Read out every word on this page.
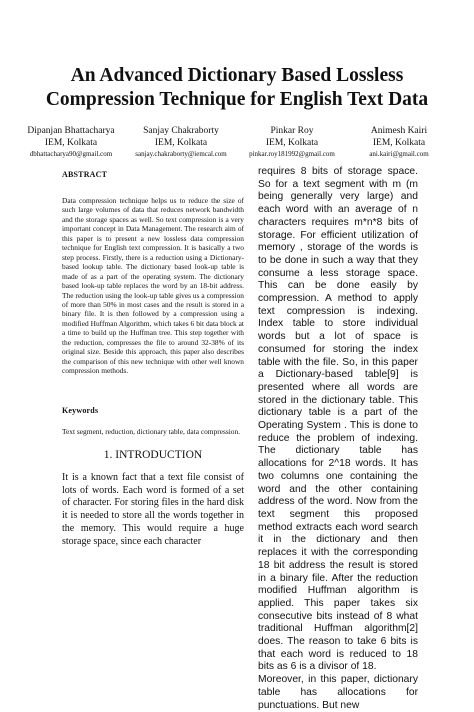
An Advanced Dictionary Based Lossless
Compression Technique for English Text Data
Dipanjan Bhattacharya
IEM, Kolkata
dbhattacharya90@gmail.com
Sanjay Chakraborty
IEM, Kolkata
sanjay.chakraborty@iemcal.com
Pinkar Roy
IEM, Kolkata
pinkar.roy181992@gmail.com
Animesh Kairi
IEM, Kolkata
ani.kairi@gmail.com
ABSTRACT
Data compression technique helps us to reduce the size of such large volumes of data that reduces network bandwidth and the storage spaces as well. So text compression is a very important concept in Data Management. The research aim of this paper is to present a new lossless data compression technique for English text compression. It is basically a two step process. Firstly, there is a reduction using a Dictionary-based lookup table. The dictionary based look-up table is made of as a part of the operating system. The dictionary based look-up table replaces the word by an 18-bit address. The reduction using the look-up table gives us a compression of more than 50% in most cases and the result is stored in a binary file. It is then followed by a compression using a modified Huffman Algorithm, which takes 6 bit data block at a time to build up the Huffman tree. This step together with the reduction, compresses the file to around 32-38% of its original size. Beside this approach, this paper also describes the comparison of this new technique with other well known compression methods.
Keywords
Text segment, reduction, dictionary table, data compression.
1. INTRODUCTION
It is a known fact that a text file consist of lots of words. Each word is formed of a set of character. For storing files in the hard disk it is needed to store all the words together in the memory. This would require a huge storage space, since each character

requires 8 bits of storage space. So for a text segment with m (m being generally very large) and each word with an average of n characters requires m*n*8 bits of storage. For efficient utilization of memory , storage of the words is to be done in such a way that they consume a less storage space. This can be done easily by compression. A method to apply text compression is indexing. Index table to store individual words but a lot of space is consumed for storing the index table with the file. So, in this paper a Dictionary-based table[9] is presented where all words are stored in the dictionary table. This dictionary table is a part of the Operating System . This is done to reduce the problem of indexing. The dictionary table has allocations for 2^18 words. It has two columns one containing the word and the other containing address of the word. Now from the text segment this proposed method extracts each word search it in the dictionary and then replaces it with the corresponding 18 bit address the result is stored in a binary file. After the reduction modified Huffman algorithm is applied. This paper takes six consecutive bits instead of 8 what traditional Huffman algorithm[2] does. The reason to take 6 bits is that each word is reduced to 18 bits as 6 is a divisor of 18.

Moreover, in this paper, dictionary table has allocations for punctuations. But new
